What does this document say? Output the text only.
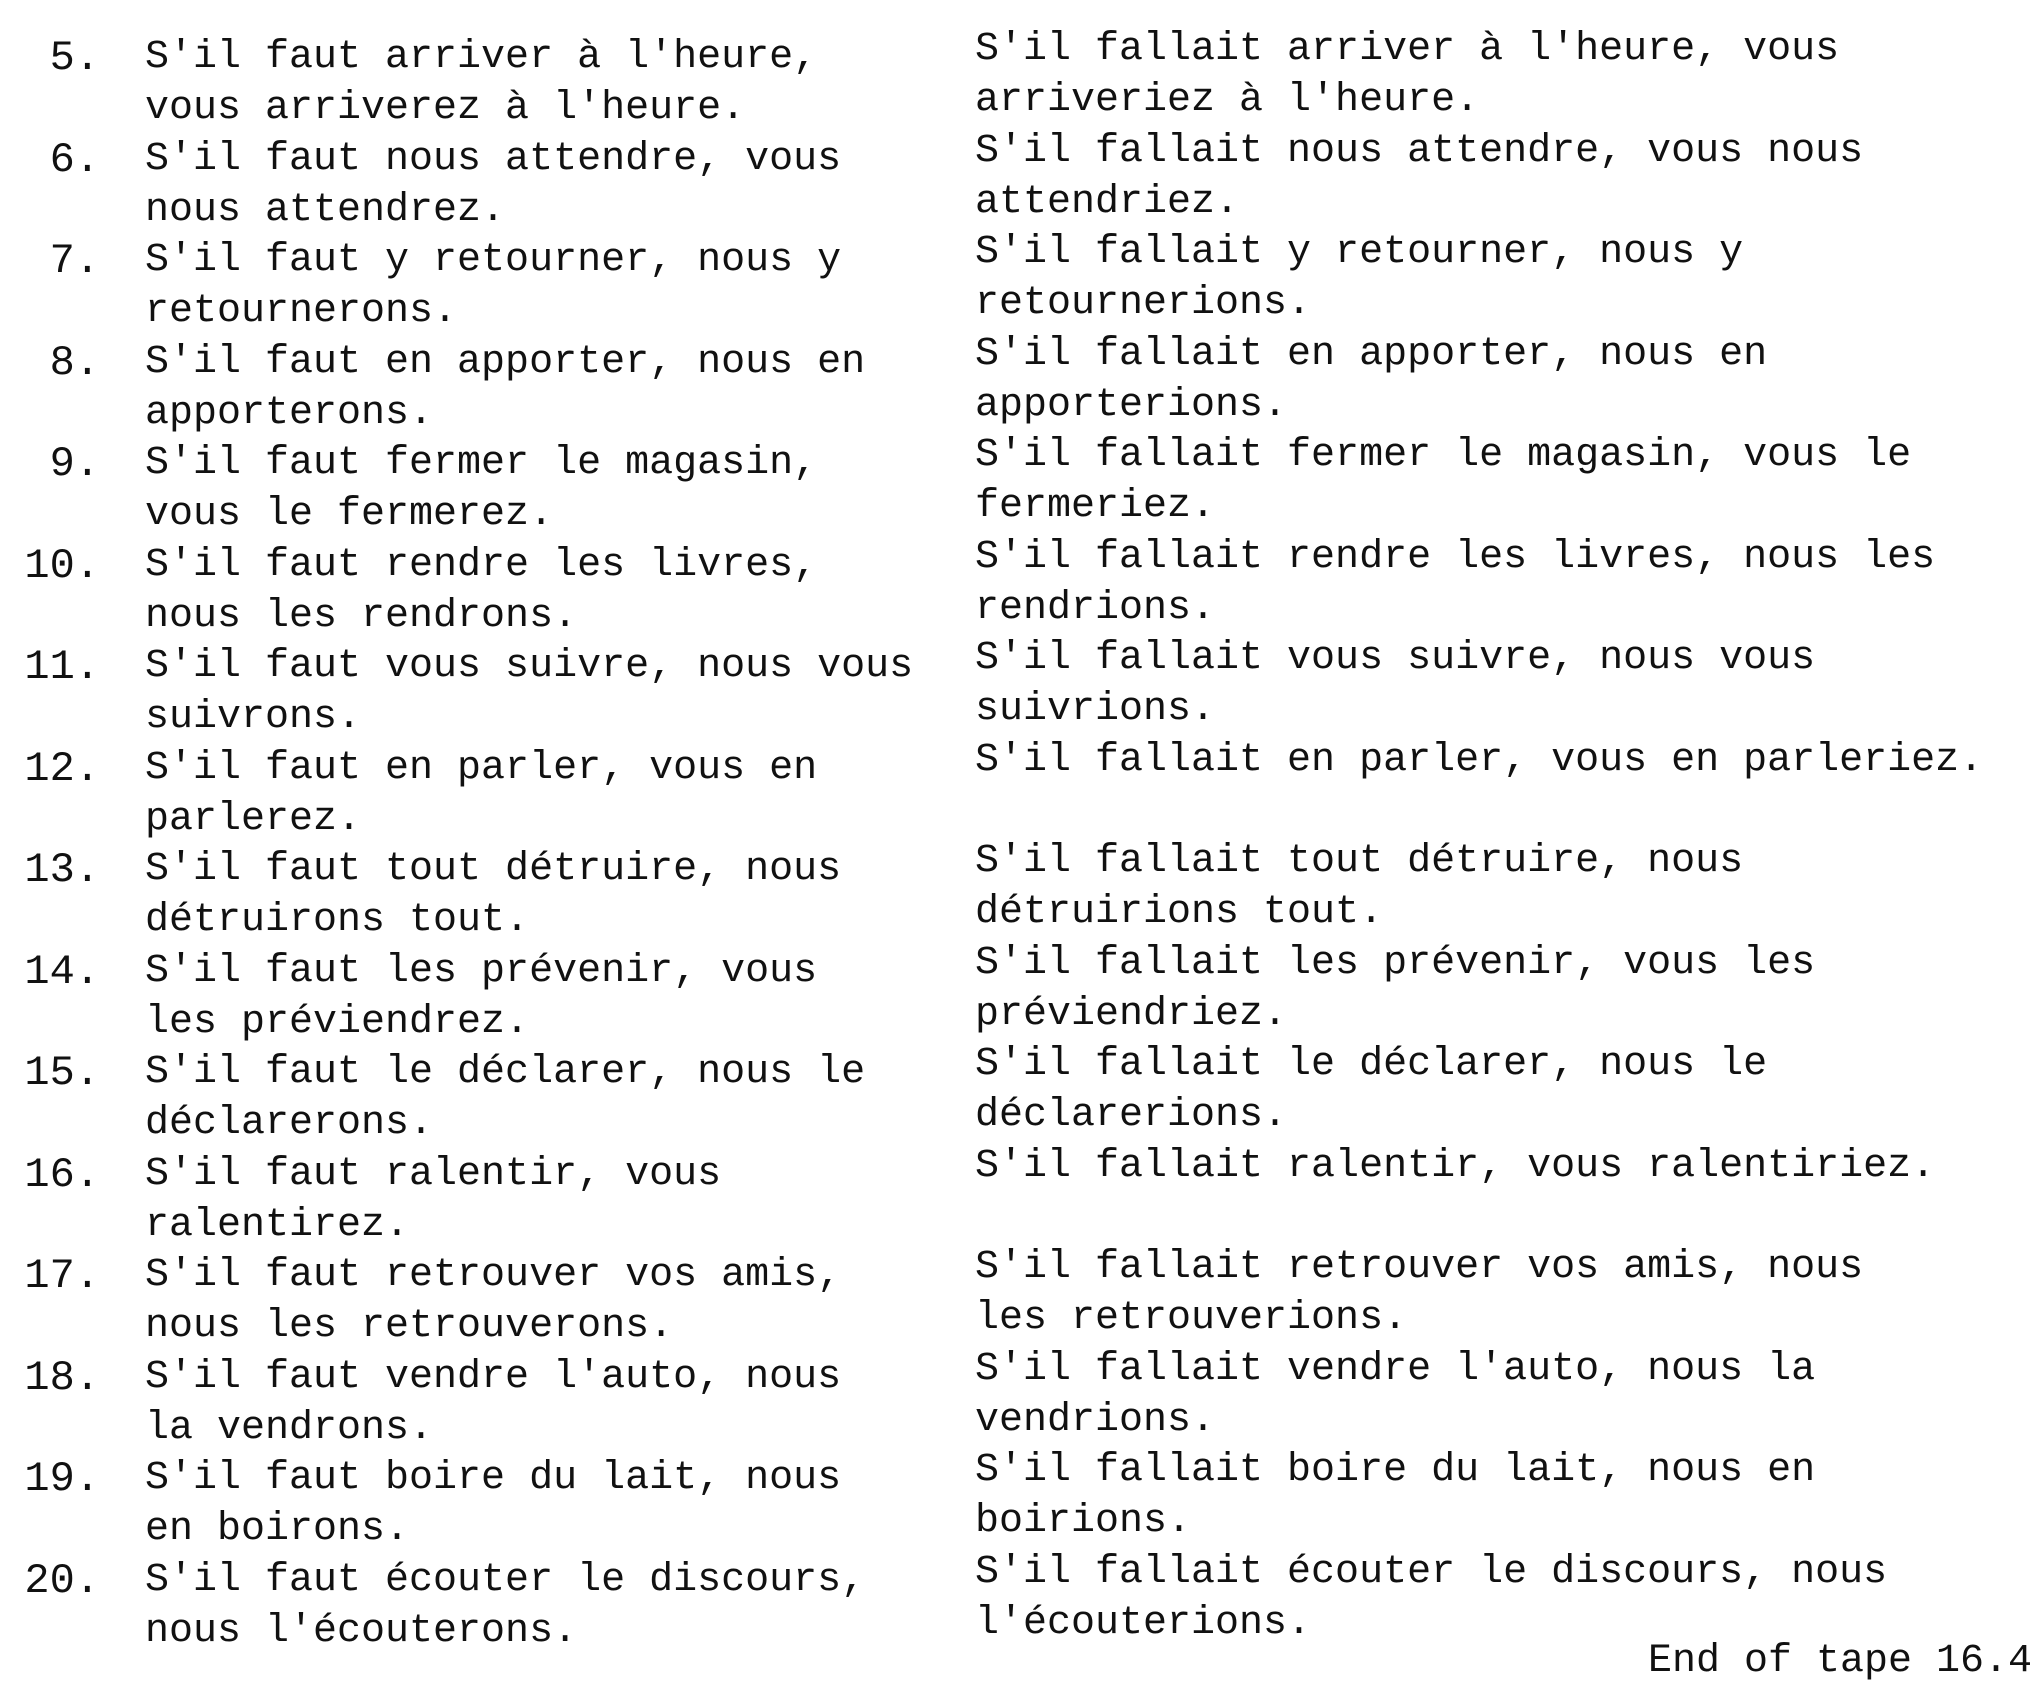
5. S'il faut arriver à l'heure,
vous arriverez à l'heure.
S'il fallait arriver à l'heure, vous
arriveriez à l'heure.
6. S'il faut nous attendre, vous
nous attendrez.
S'il fallait nous attendre, vous nous
attendriez.
7. S'il faut y retourner, nous y
retournerons.
S'il fallait y retourner, nous y
retournerions.
8. S'il faut en apporter, nous en
apporterons.
S'il fallait en apporter, nous en
apporterions.
9. S'il faut fermer le magasin,
vous le fermerez.
S'il fallait fermer le magasin, vous le
fermeriez.
10. S'il faut rendre les livres,
nous les rendrons.
S'il fallait rendre les livres, nous les
rendrions.
11. S'il faut vous suivre, nous vous
suivrons.
S'il fallait vous suivre, nous vous
suivrions.
12. S'il faut en parler, vous en
parlerez.
S'il fallait en parler, vous en parleriez.
13. S'il faut tout détruire, nous
détruirons tout.
S'il fallait tout détruire, nous
détruirions tout.
14. S'il faut les prévenir, vous
les préviendrez.
S'il fallait les prévenir, vous les
préviendriez.
15. S'il faut le déclarer, nous le
déclarerons.
S'il fallait le déclarer, nous le
déclarerions.
16. S'il faut ralentir, vous
ralentirez.
S'il fallait ralentir, vous ralentiriez.
17. S'il faut retrouver vos amis,
nous les retrouverons.
S'il fallait retrouver vos amis, nous
les retrouverions.
18. S'il faut vendre l'auto, nous
la vendrons.
S'il fallait vendre l'auto, nous la
vendrions.
19. S'il faut boire du lait, nous
en boirons.
S'il fallait boire du lait, nous en
boirions.
20. S'il faut écouter le discours,
nous l'écouterons.
S'il fallait écouter le discours, nous
l'écouterions.
End of tape 16.4
